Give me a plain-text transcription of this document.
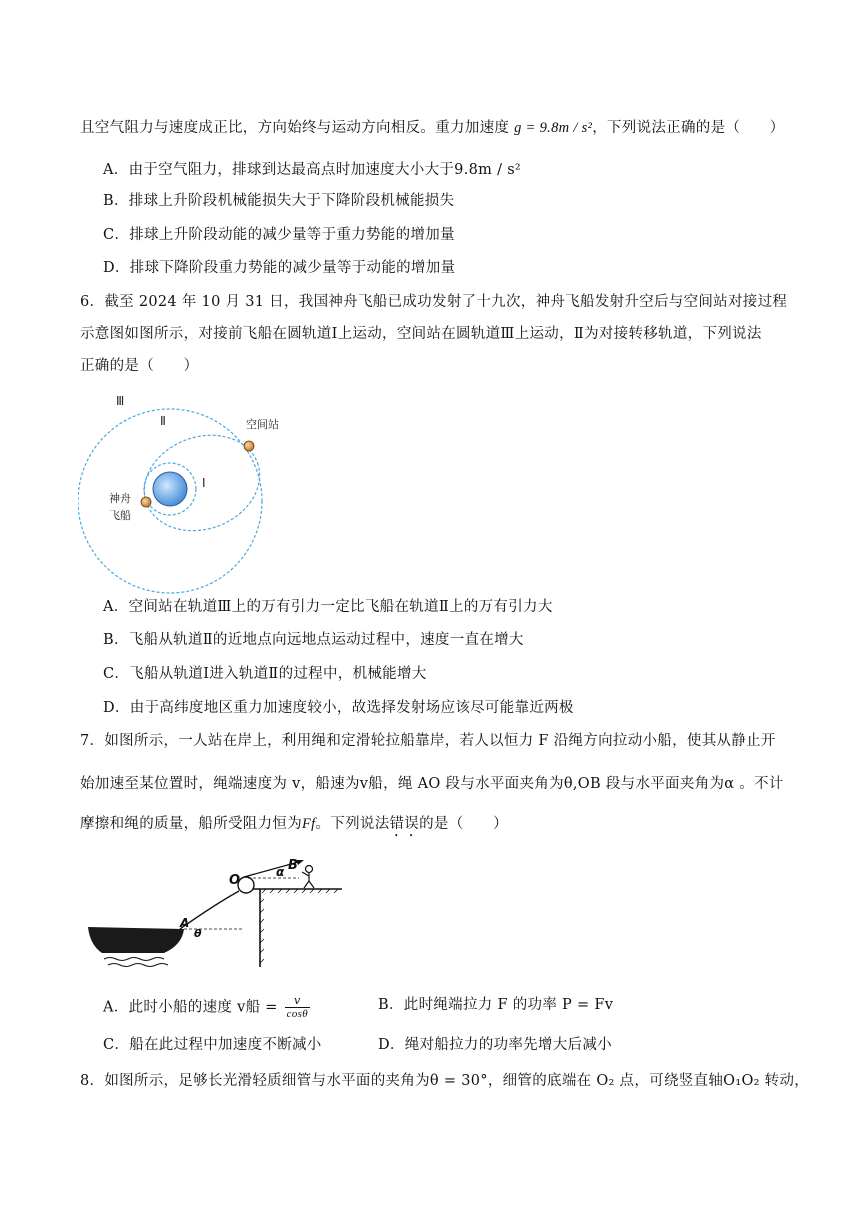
且空气阻力与速度成正比，方向始终与运动方向相反。重力加速度 g = 9.8m / s²，下列说法正确的是（　　）
A．由于空气阻力，排球到达最高点时加速度大小大于9.8m / s²
B．排球上升阶段机械能损失大于下降阶段机械能损失
C．排球上升阶段动能的减少量等于重力势能的增加量
D．排球下降阶段重力势能的减少量等于动能的增加量
6．截至 2024 年 10 月 31 日，我国神舟飞船已成功发射了十九次，神舟飞船发射升空后与空间站对接过程
示意图如图所示，对接前飞船在圆轨道Ⅰ上运动，空间站在圆轨道Ⅲ上运动，Ⅱ为对接转移轨道，下列说法
正确的是（　　）
Ⅲ
Ⅱ
Ⅰ
空间站
神舟
飞船
A．空间站在轨道Ⅲ上的万有引力一定比飞船在轨道Ⅱ上的万有引力大
B．飞船从轨道Ⅱ的近地点向远地点运动过程中，速度一直在增大
C．飞船从轨道Ⅰ进入轨道Ⅱ的过程中，机械能增大
D．由于高纬度地区重力加速度较小，故选择发射场应该尽可能靠近两极
7．如图所示，一人站在岸上，利用绳和定滑轮拉船靠岸，若人以恒力 F 沿绳方向拉动小船，使其从静止开
始加速至某位置时，绳端速度为 v，船速为v船，绳 AO 段与水平面夹角为θ,OB 段与水平面夹角为α 。不计
摩擦和绳的质量，船所受阻力恒为Ff。下列说法错误的是（　　）
B
O
A
α
θ
A．此时小船的速度 v船 = $\frac{v}{\cos\theta}$	B．此时绳端拉力 F 的功率 P = Fv
C．船在此过程中加速度不断减小	D．绳对船拉力的功率先增大后减小
8．如图所示，足够长光滑轻质细管与水平面的夹角为θ = 30°，细管的底端在 O₂ 点，可绕竖直轴O₁O₂ 转动，
